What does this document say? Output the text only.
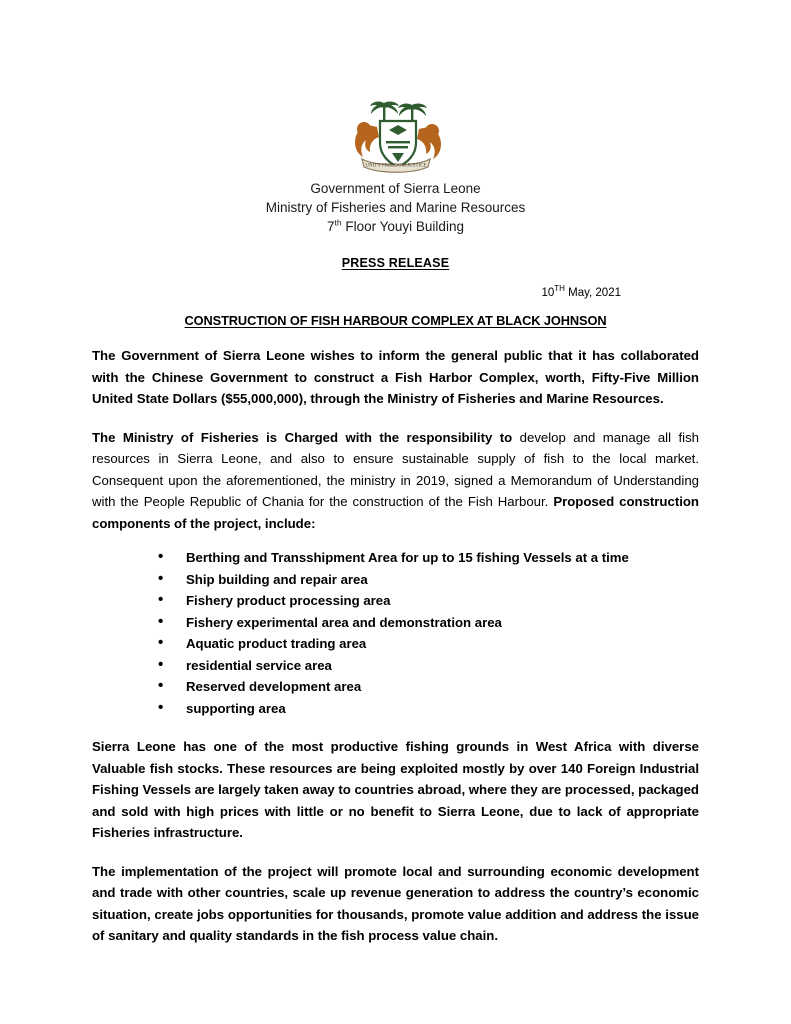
UNITY FREEDOM JUSTICE
Government of Sierra Leone
Ministry of Fisheries and Marine Resources
7th Floor Youyi Building
PRESS RELEASE
10TH May, 2021
CONSTRUCTION OF FISH HARBOUR COMPLEX AT BLACK JOHNSON

The Government of Sierra Leone wishes to inform the general public that it has collaborated with the Chinese Government to construct a Fish Harbor Complex, worth, Fifty-Five Million United State Dollars ($55,000,000), through the Ministry of Fisheries and Marine Resources.

The Ministry of Fisheries is Charged with the responsibility to develop and manage all fish resources in Sierra Leone, and also to ensure sustainable supply of fish to the local market. Consequent upon the aforementioned, the ministry in 2019, signed a Memorandum of Understanding with the People Republic of Chania for the construction of the Fish Harbour. Proposed construction components of the project, include:

• Berthing and Transshipment Area for up to 15 fishing Vessels at a time
• Ship building and repair area
• Fishery product processing area
• Fishery experimental area and demonstration area
• Aquatic product trading area
• residential service area
• Reserved development area
• supporting area

Sierra Leone has one of the most productive fishing grounds in West Africa with diverse Valuable fish stocks. These resources are being exploited mostly by over 140 Foreign Industrial Fishing Vessels are largely taken away to countries abroad, where they are processed, packaged and sold with high prices with little or no benefit to Sierra Leone, due to lack of appropriate Fisheries infrastructure.

The implementation of the project will promote local and surrounding economic development and trade with other countries, scale up revenue generation to address the country’s economic situation, create jobs opportunities for thousands, promote value addition and address the issue of sanitary and quality standards in the fish process value chain.
